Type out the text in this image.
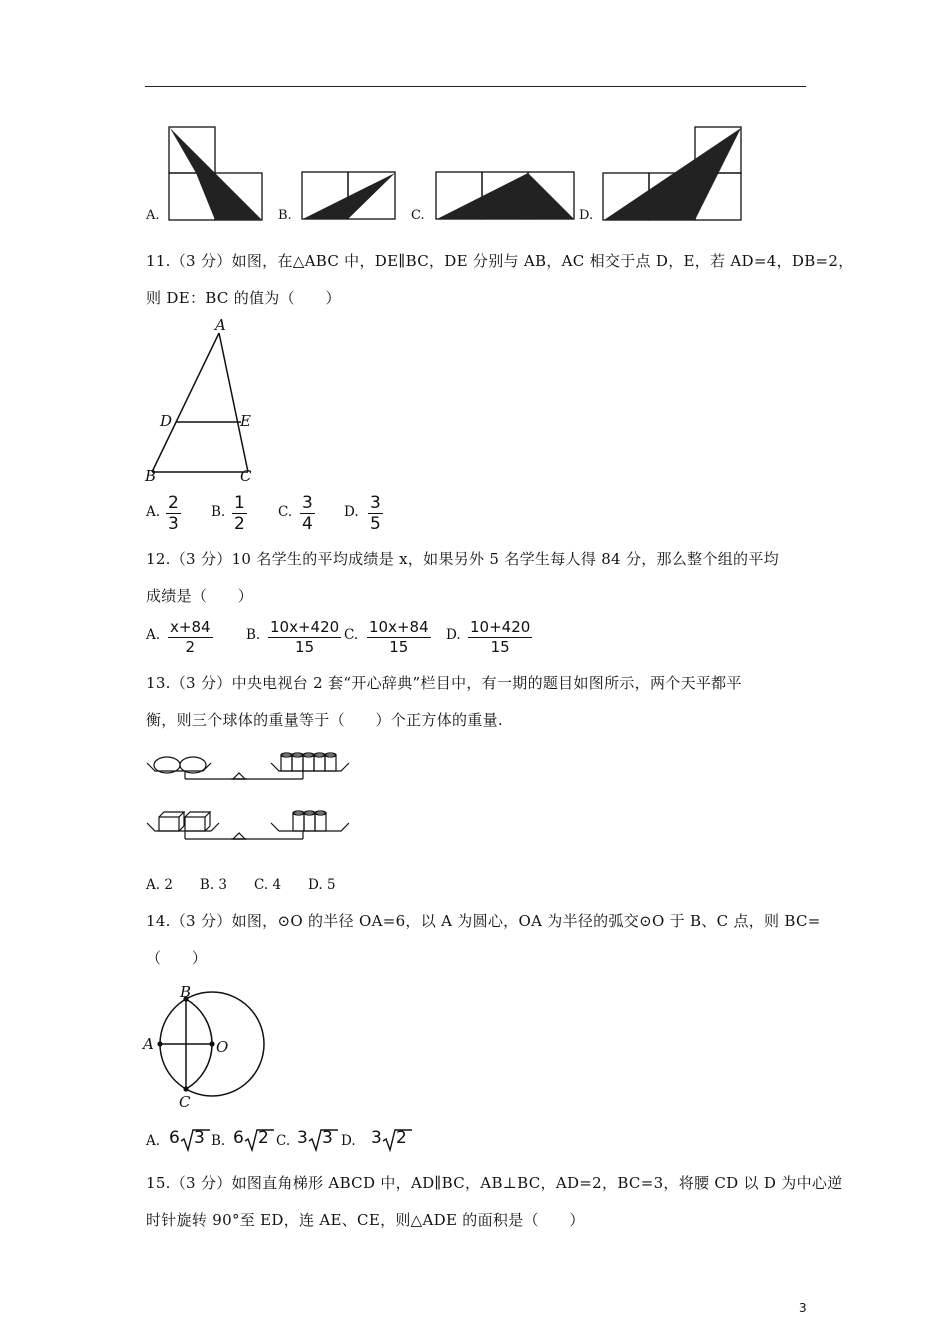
A.	B.	C.	D.
11.（3 分）如图，在△ABC 中，DE∥BC，DE 分别与 AB，AC 相交于点 D，E，若 AD=4，DB=2，
则 DE：BC 的值为（　　）
A
D	E
B	C
A. $\frac{2}{3} B$. $\frac{1}{2} C$. $\frac{3}{4} D$. $\frac{3}{5}$
12.（3 分）10 名学生的平均成绩是 x，如果另外 5 名学生每人得 84 分，那么整个组的平均
成绩是（　　）
A. $\frac{x+84}{2} B$. $\frac{10x+420}{15} C$. $\frac{10x+84}{15} D$. $\frac{10+420}{15}$
13.（3 分）中央电视台 2 套“开心辞典”栏目中，有一期的题目如图所示，两个天平都平
衡，则三个球体的重量等于（　　）个正方体的重量.
A. 2　　B. 3　　C. 4　　D. 5
14.（3 分）如图，⊙O 的半径 OA=6，以 A 为圆心，OA 为半径的弧交⊙O 于 B、C 点，则 BC=
（　　）
B
A	O
C
A. 6 3 B. 6 2 C. 3 3 D. 3 2
15.（3 分）如图直角梯形 ABCD 中，AD∥BC，AB⊥BC，AD=2，BC=3，将腰 CD 以 D 为中心逆
时针旋转 90°至 ED，连 AE、CE，则△ADE 的面积是（　　）
3
